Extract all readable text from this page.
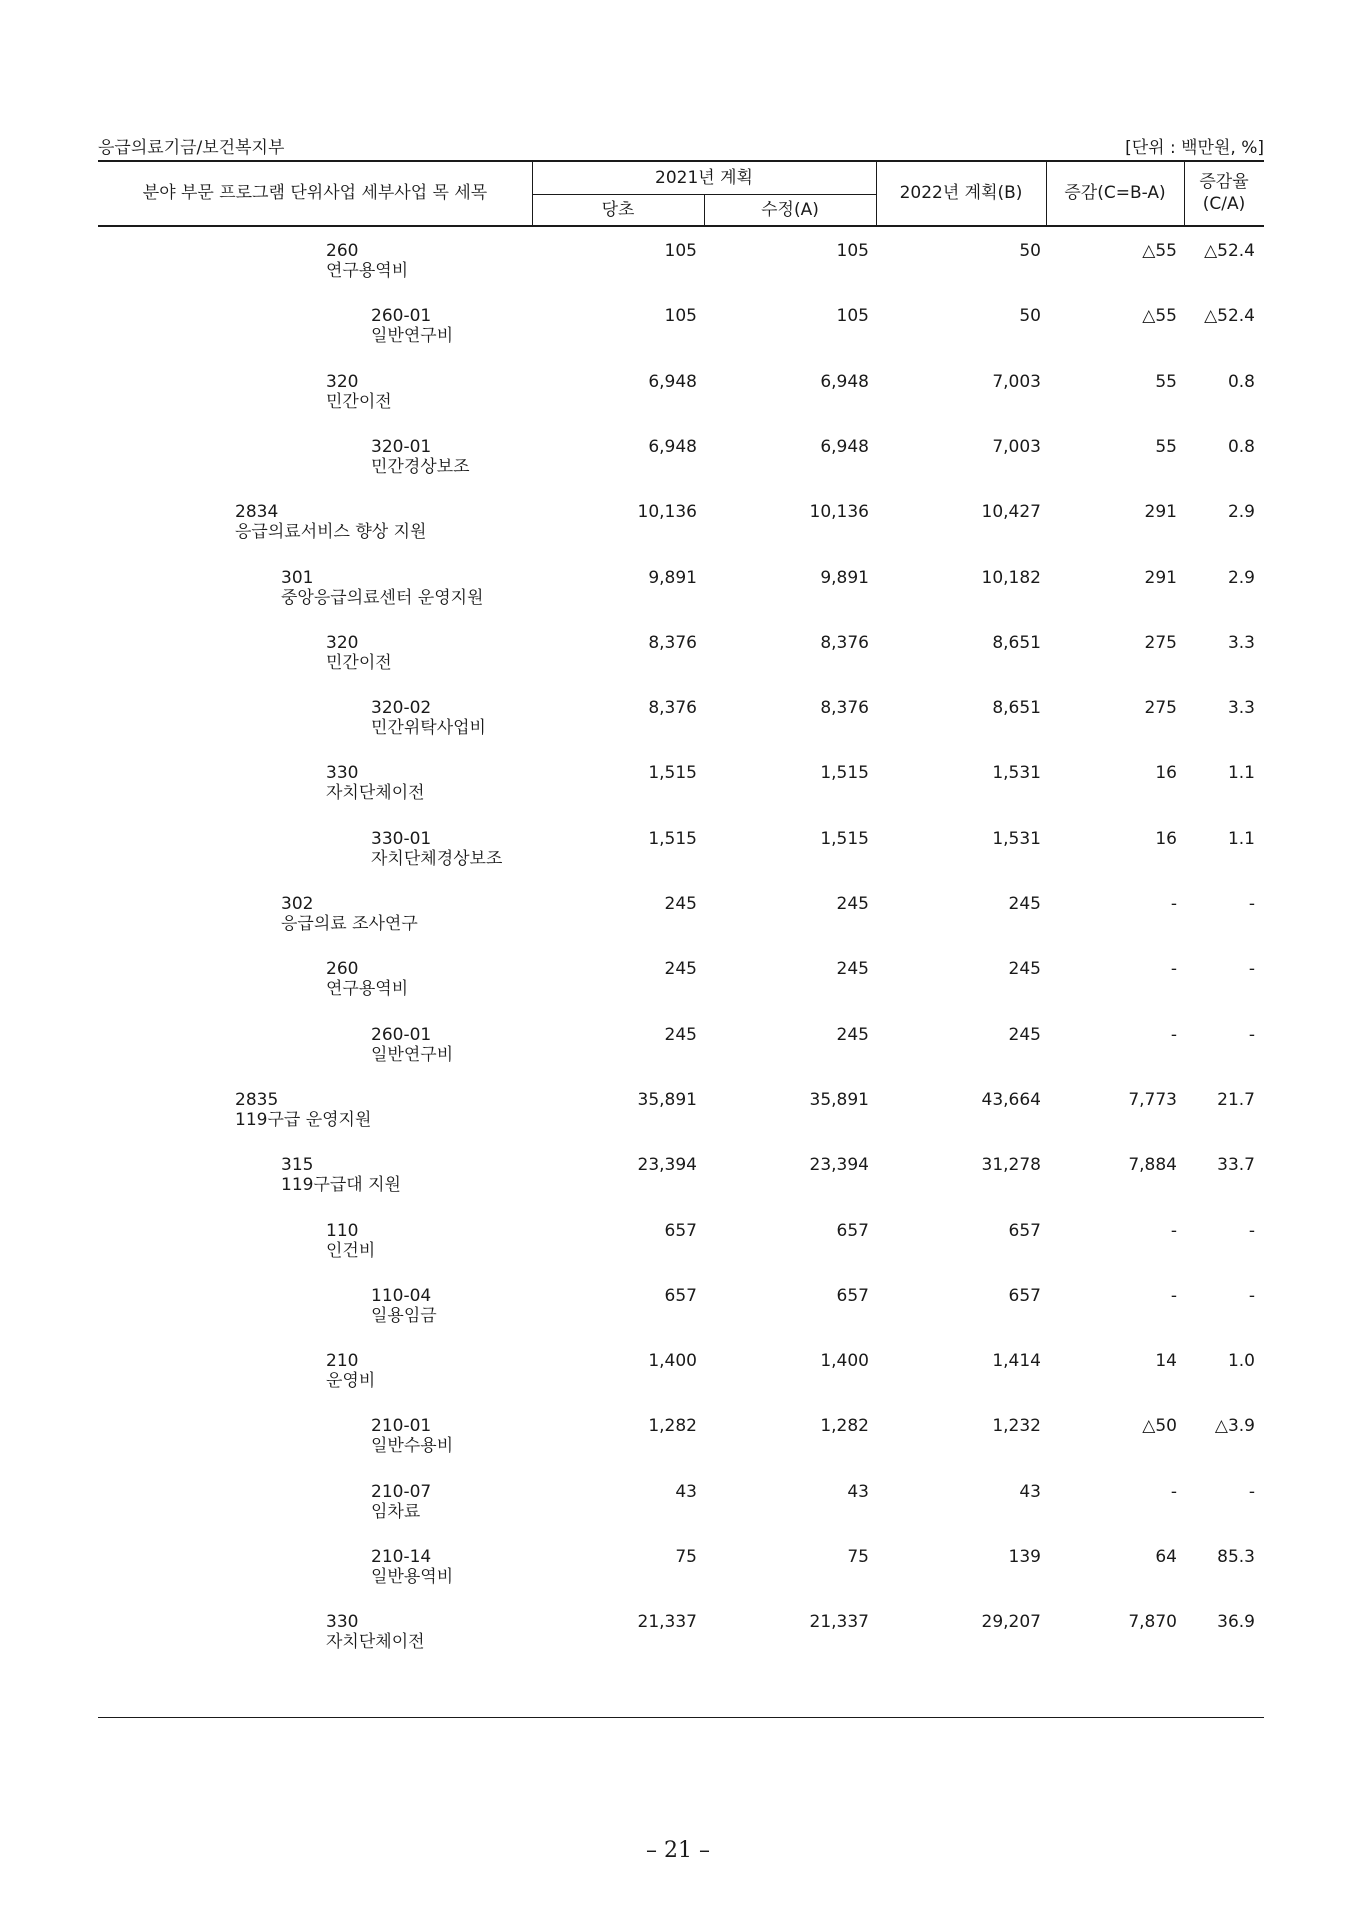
응급의료기금/보건복지부	[단위 : 백만원, %]
분야 부문 프로그램 단위사업 세부사업 목 세목
2021년 계획
당초	수정(A)
2022년 계획(B)	증감(C=B-A)
증감율
(C/A)
260
연구용역비
105	105	50	△55 △52.4
260-01
일반연구비
105	105	50	△55 △52.4
320
민간이전
6,948	6,948	7,003	55	0.8
320-01
민간경상보조
6,948	6,948	7,003	55	0.8
2834
응급의료서비스 향상 지원
10,136	10,136	10,427	291	2.9
301
중앙응급의료센터 운영지원
9,891	9,891	10,182	291	2.9
320
민간이전
8,376	8,376	8,651	275	3.3
320-02
민간위탁사업비
8,376	8,376	8,651	275	3.3
330
자치단체이전
1,515	1,515	1,531	16	1.1
330-01
자치단체경상보조
1,515	1,515	1,531	16	1.1
302
응급의료 조사연구
245	245	245	-	-
260
연구용역비
245	245	245	-	-
260-01
일반연구비
245	245	245	-	-
2835
119구급 운영지원
35,891	35,891	43,664	7,773 21.7
315
119구급대 지원
23,394	23,394	31,278	7,884 33.7
110
인건비
657	657	657	-	-
110-04
일용임금
657	657	657	-	-
210
운영비
1,400	1,400	1,414	14	1.0
210-01
일반수용비
1,282	1,282	1,232	△50 △3.9
210-07
임차료
43	43	43	-	-
210-14
일반용역비
75	75	139	64 85.3
330
자치단체이전
21,337	21,337	29,207	7,870 36.9
– 21 –
